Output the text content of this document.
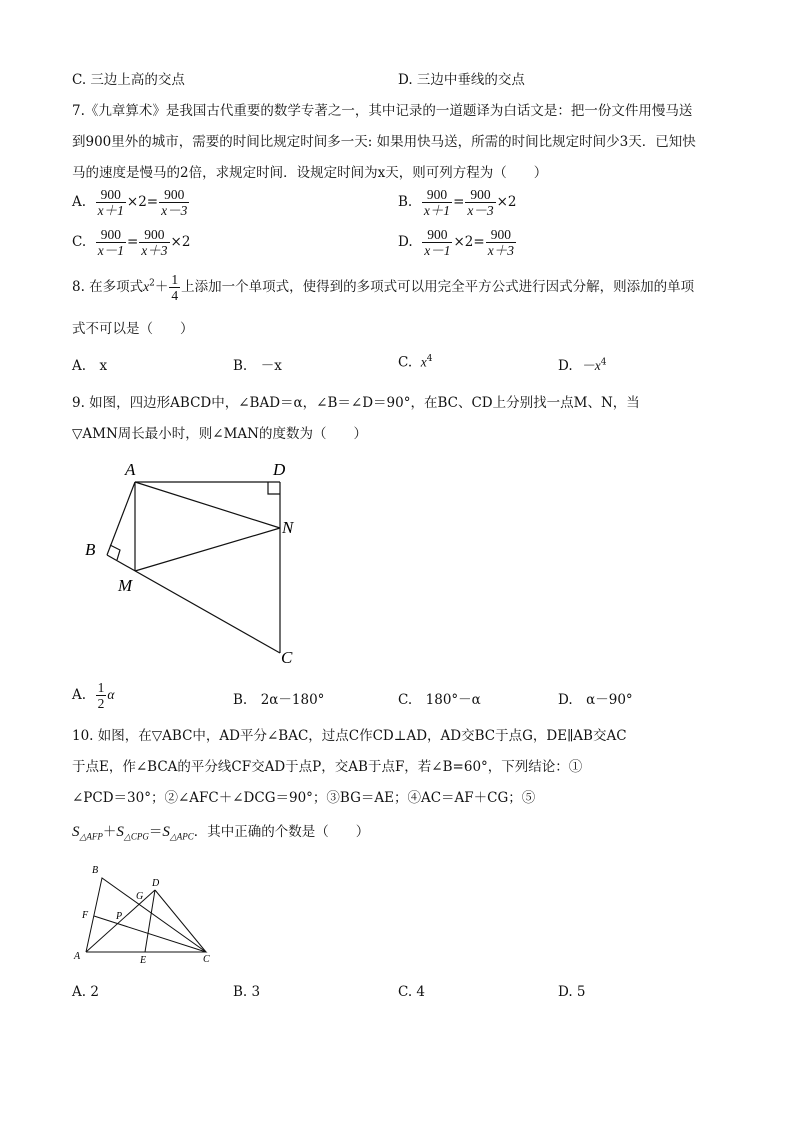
C. 三边上高的交点	D. 三边中垂线的交点
7.《九章算术》是我国古代重要的数学专著之一，其中记录的一道题译为白话文是：把一份文件用慢马送
到900里外的城市，需要的时间比规定时间多一天: 如果用快马送，所需的时间比规定时间少3天．已知快
马的速度是慢马的2倍，求规定时间．设规定时间为x天，则可列方程为（　　）
A. $\frac{900}{x+1} \times 2= \frac{900}{x-3}$	B. $\frac{900}{x+1} = \frac{900}{x-3} \times 2$
C. $\frac{900}{x-1} = \frac{900}{x+3} \times 2$	D. $\frac{900}{x-1} \times 2= \frac{900}{x+3}$
8. 在多项式$x^2+ \frac{1}{4}$ 上添加一个单项式，使得到的多项式可以用完全平方公式进行因式分解，则添加的单项
式不可以是（　　）
A.　x	B.　－x	C. $x^4$	D. $-x^4$
9. 如图，四边形ABCD中，∠BAD＝α，∠B＝∠D＝90°，在BC、CD上分别找一点M、N，当
▽AMN周长最小时，则∠MAN的度数为（　　）
A	D
B
M
N
C
A. $\frac{1}{2}$ α	B.　2α－180°	C.　180°－α	D.　α－90°
10. 如图，在▽ABC中，AD平分∠BAC，过点C作CD⊥AD，AD交BC于点G，DE∥AB交AC
于点E，作∠BCA的平分线CF交AD于点P，交AB于点F，若∠B=60°，下列结论：①
∠PCD＝30°；②∠AFC＋∠DCG＝90°；③BG＝AE；④AC＝AF＋CG；⑤
$S_{\triangle AFP}+S_{\triangle CPG}=S_{\triangle APC}$．其中正确的个数是（　　）
A
B
C
D
E
F
G
P
A. 2	B. 3	C. 4	D. 5
